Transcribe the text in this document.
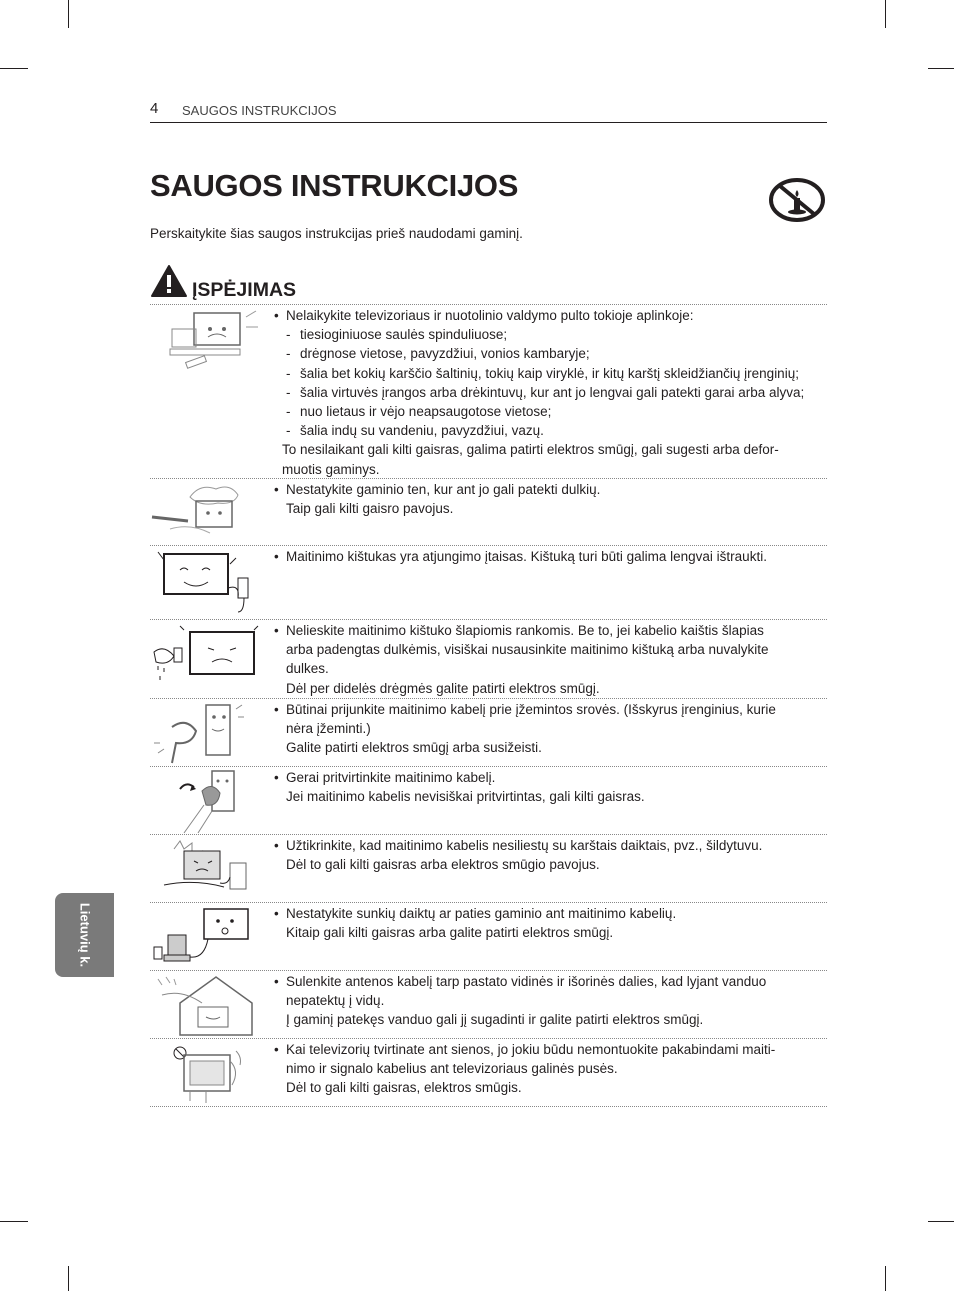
4 SAUGOS INSTRUKCIJOS
SAUGOS INSTRUKCIJOS
Perskaitykite šias saugos instrukcijas prieš naudodami gaminį.
ĮSPĖJIMAS
• Nelaikykite televizoriaus ir nuotolinio valdymo pulto tokioje aplinkoje:
- tiesioginiuose saulės spinduliuose;
- drėgnose vietose, pavyzdžiui, vonios kambaryje;
- šalia bet kokių karščio šaltinių, tokių kaip viryklė, ir kitų karštį skleidžiančių įrenginių;
- šalia virtuvės įrangos arba drėkintuvų, kur ant jo lengvai gali patekti garai arba alyva;
- nuo lietaus ir vėjo neapsaugotose vietose;
- šalia indų su vandeniu, pavyzdžiui, vazų.
To nesilaikant gali kilti gaisras, galima patirti elektros smūgį, gali sugesti arba defor-
muotis gaminys.
• Nestatykite gaminio ten, kur ant jo gali patekti dulkių.
Taip gali kilti gaisro pavojus.
• Maitinimo kištukas yra atjungimo įtaisas. Kištuką turi būti galima lengvai ištraukti.
• Nelieskite maitinimo kištuko šlapiomis rankomis. Be to, jei kabelio kaištis šlapias
arba padengtas dulkėmis, visiškai nusausinkite maitinimo kištuką arba nuvalykite
dulkes.
Dėl per didelės drėgmės galite patirti elektros smūgį.
• Būtinai prijunkite maitinimo kabelį prie įžemintos srovės. (Išskyrus įrenginius, kurie
nėra įžeminti.)
Galite patirti elektros smūgį arba susižeisti.
• Gerai pritvirtinkite maitinimo kabelį.
Jei maitinimo kabelis nevisiškai pritvirtintas, gali kilti gaisras.
• Užtikrinkite, kad maitinimo kabelis nesiliestų su karštais daiktais, pvz., šildytuvu.
Dėl to gali kilti gaisras arba elektros smūgio pavojus.
• Nestatykite sunkių daiktų ar paties gaminio ant maitinimo kabelių.
Kitaip gali kilti gaisras arba galite patirti elektros smūgį.
• Sulenkite antenos kabelį tarp pastato vidinės ir išorinės dalies, kad lyjant vanduo
nepatektų į vidų.
Į gaminį patekęs vanduo gali jį sugadinti ir galite patirti elektros smūgį.
• Kai televizorių tvirtinate ant sienos, jo jokiu būdu nemontuokite pakabindami maiti-
nimo ir signalo kabelius ant televizoriaus galinės pusės.
Dėl to gali kilti gaisras, elektros smūgis.
Lietuvių k.
